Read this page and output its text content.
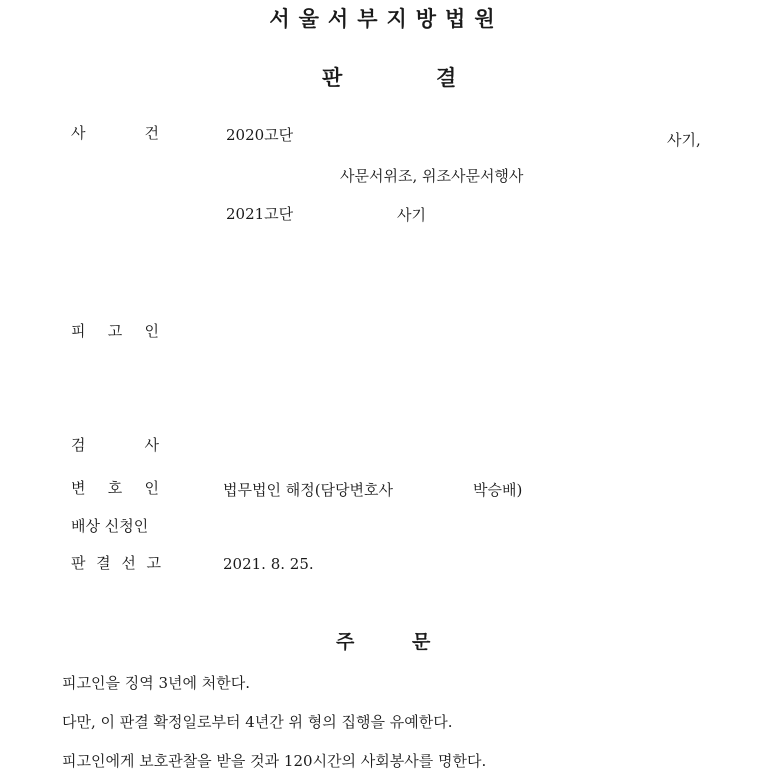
서울서부지방법원
판	결
사	건	2020고단	사기,
사문서위조, 위조사문서행사
2021고단	사기
피 고 인
검	사
변 호 인	법무법인 해정(담당변호사	박승배)
배상 신청인
판 결 선 고	2021. 8. 25.
주	문
피고인을 징역 3년에 처한다.
다만, 이 판결 확정일로부터 4년간 위 형의 집행을 유예한다.
피고인에게 보호관찰을 받을 것과 120시간의 사회봉사를 명한다.
